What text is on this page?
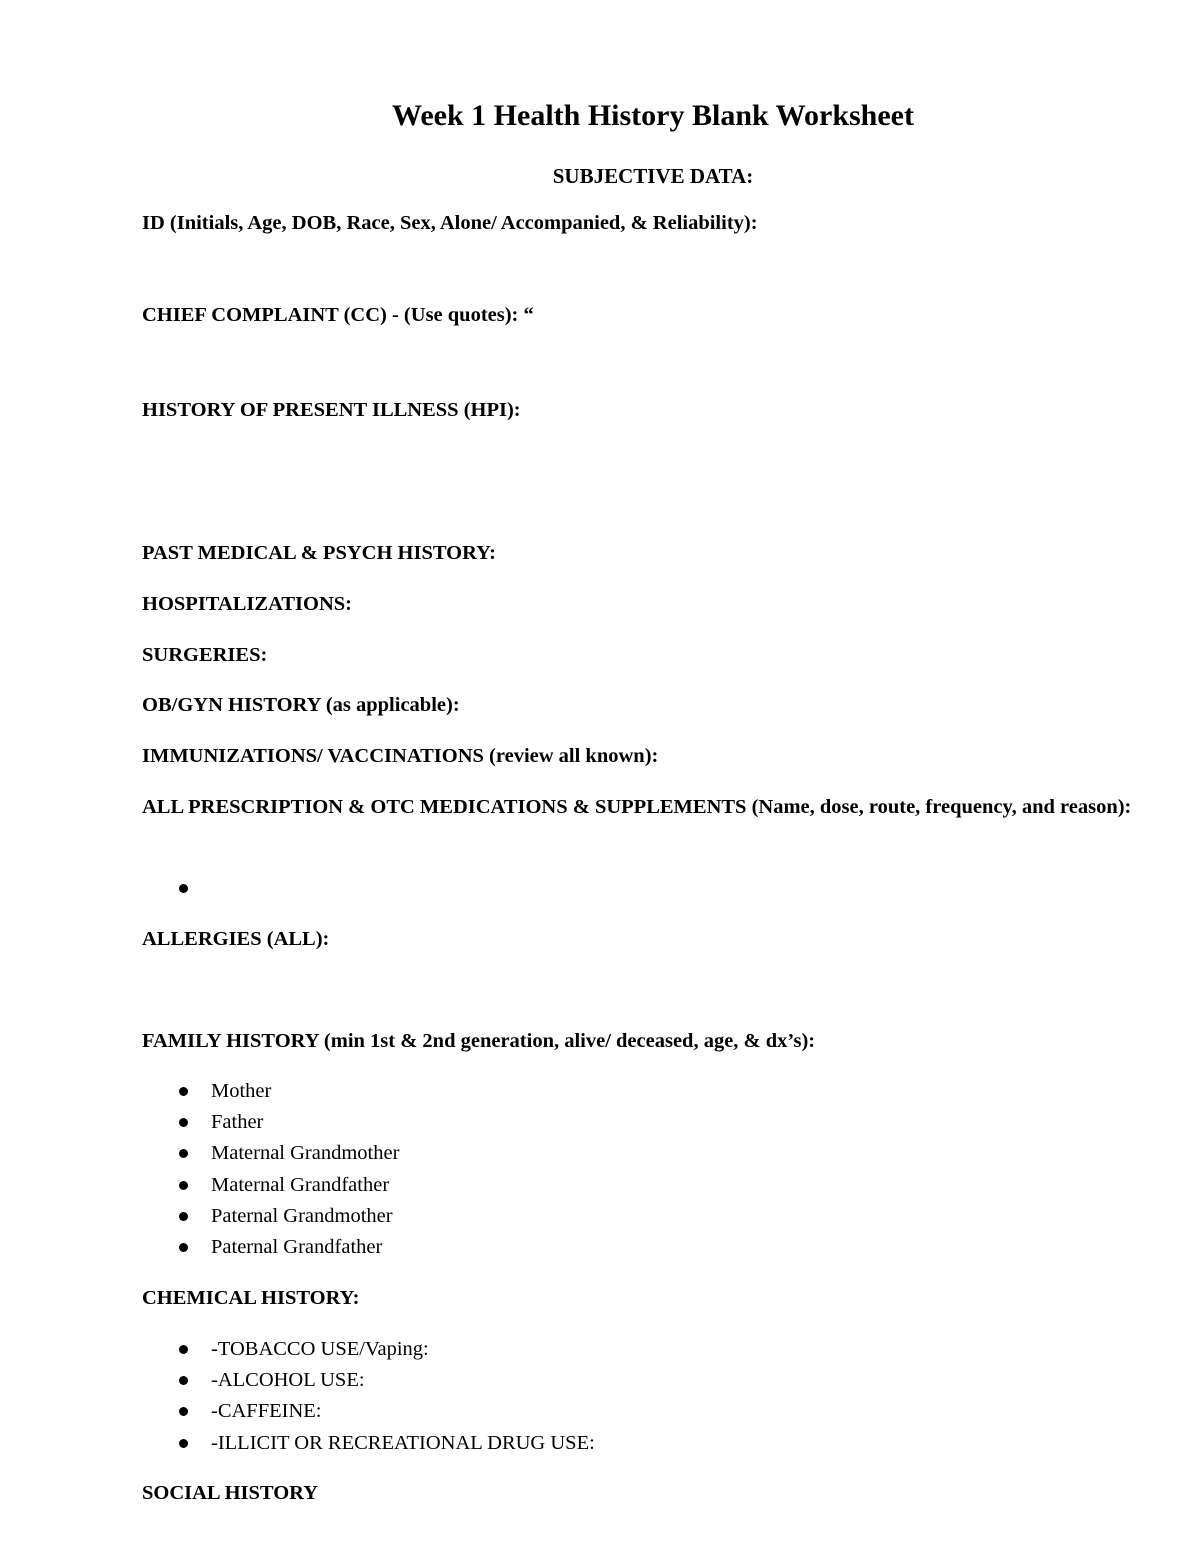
Week 1 Health History Blank Worksheet
SUBJECTIVE DATA:
ID (Initials, Age, DOB, Race, Sex, Alone/ Accompanied, & Reliability):
CHIEF COMPLAINT (CC) - (Use quotes): “
HISTORY OF PRESENT ILLNESS (HPI):
PAST MEDICAL & PSYCH HISTORY:
HOSPITALIZATIONS:
SURGERIES:
OB/GYN HISTORY (as applicable):
IMMUNIZATIONS/ VACCINATIONS (review all known):
ALL PRESCRIPTION & OTC MEDICATIONS & SUPPLEMENTS (Name, dose, route, frequency, and reason):
ALLERGIES (ALL):
FAMILY HISTORY (min 1st & 2nd generation, alive/ deceased, age, & dx’s):
Mother
Father
Maternal Grandmother
Maternal Grandfather
Paternal Grandmother
Paternal Grandfather
CHEMICAL HISTORY:
-TOBACCO USE/Vaping:
-ALCOHOL USE:
-CAFFEINE:
-ILLICIT OR RECREATIONAL DRUG USE:
SOCIAL HISTORY
